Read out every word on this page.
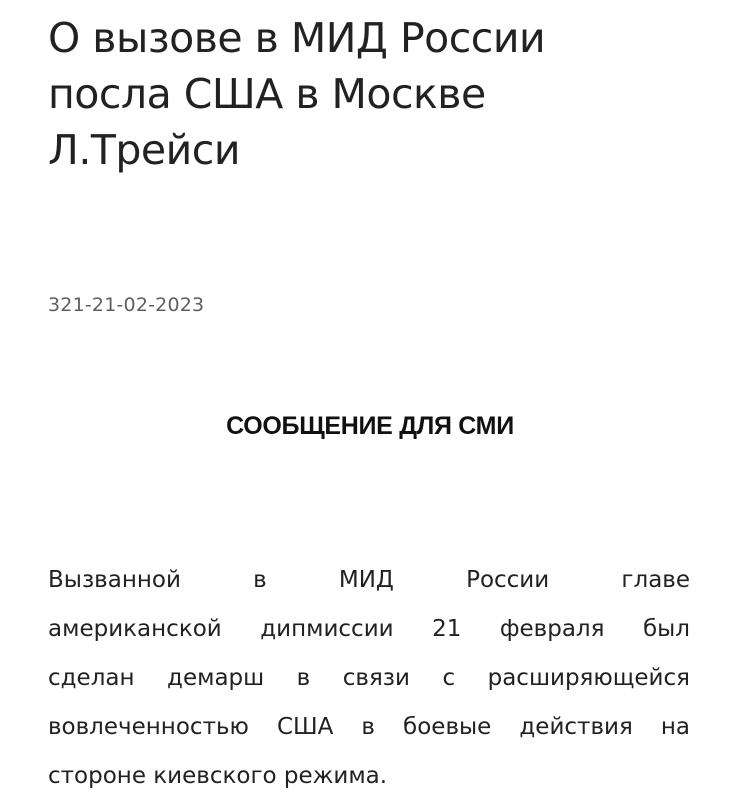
О вызове в МИД России
посла США в Москве
Л.Трейси
321-21-02-2023
СООБЩЕНИЕ ДЛЯ СМИ

Вызванной в МИД России главе
американской дипмиссии 21 февраля был
сделан демарш в связи с расширяющейся
вовлеченностью США в боевые действия на
стороне киевского режима.
